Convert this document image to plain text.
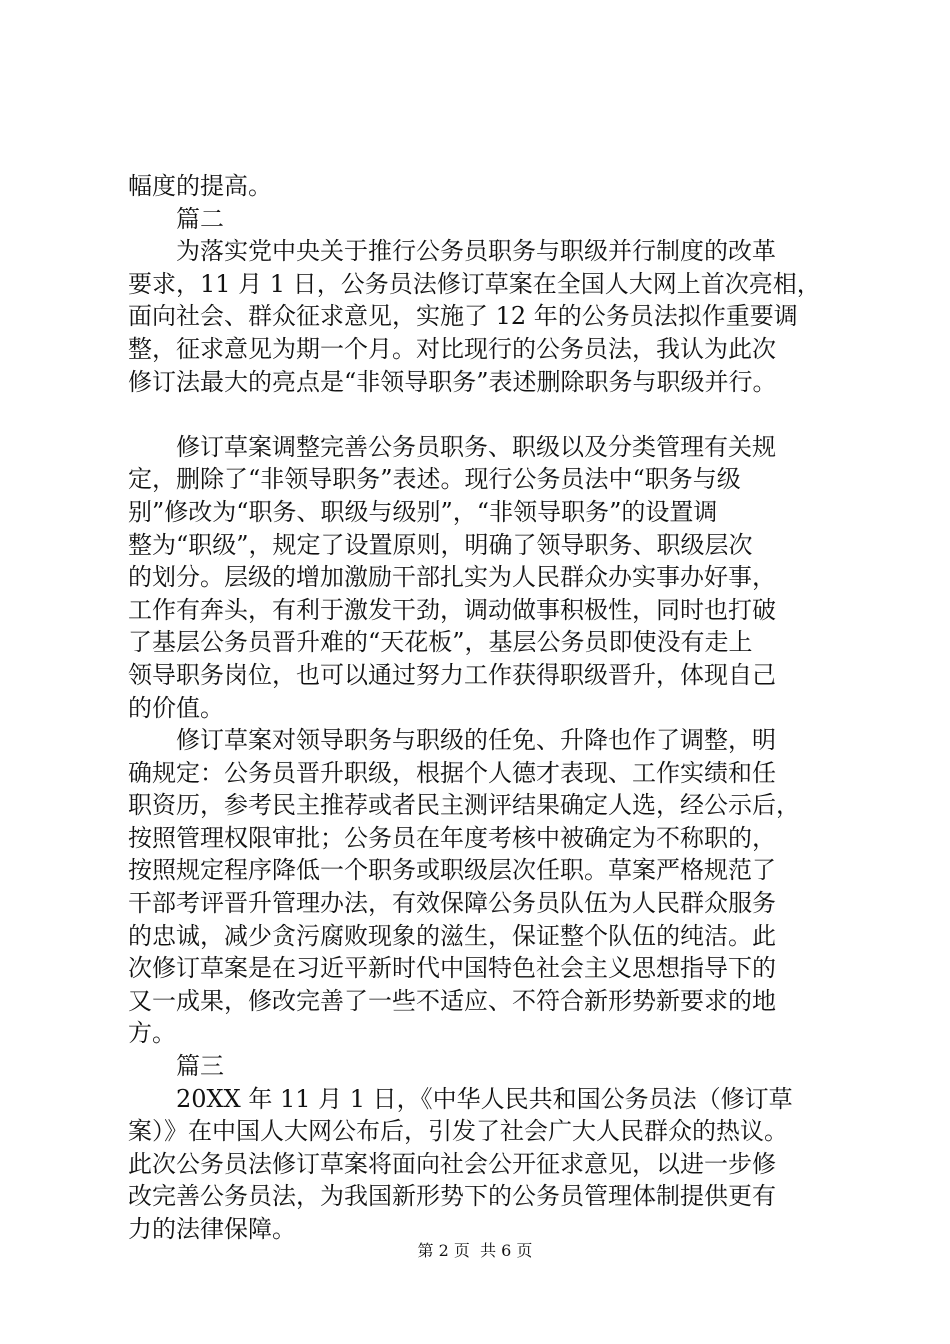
幅度的提高。
　　篇二
　　为落实党中央关于推行公务员职务与职级并行制度的改革
要求，11 月 1 日，公务员法修订草案在全国人大网上首次亮相，
面向社会、群众征求意见，实施了 12 年的公务员法拟作重要调
整，征求意见为期一个月。对比现行的公务员法，我认为此次
修订法最大的亮点是“非领导职务”表述删除职务与职级并行。
　　修订草案调整完善公务员职务、职级以及分类管理有关规
定，删除了“非领导职务”表述。现行公务员法中“职务与级
别”修改为“职务、职级与级别”，“非领导职务”的设置调
整为“职级”，规定了设置原则，明确了领导职务、职级层次
的划分。层级的增加激励干部扎实为人民群众办实事办好事，
工作有奔头，有利于激发干劲，调动做事积极性，同时也打破
了基层公务员晋升难的“天花板”，基层公务员即使没有走上
领导职务岗位，也可以通过努力工作获得职级晋升，体现自己
的价值。
　　修订草案对领导职务与职级的任免、升降也作了调整，明
确规定：公务员晋升职级，根据个人德才表现、工作实绩和任
职资历，参考民主推荐或者民主测评结果确定人选，经公示后，
按照管理权限审批；公务员在年度考核中被确定为不称职的，
按照规定程序降低一个职务或职级层次任职。草案严格规范了
干部考评晋升管理办法，有效保障公务员队伍为人民群众服务
的忠诚，减少贪污腐败现象的滋生，保证整个队伍的纯洁。此
次修订草案是在习近平新时代中国特色社会主义思想指导下的
又一成果，修改完善了一些不适应、不符合新形势新要求的地
方。
　　篇三
　　20XX 年 11 月 1 日，《中华人民共和国公务员法（修订草
案）》在中国人大网公布后，引发了社会广大人民群众的热议。
此次公务员法修订草案将面向社会公开征求意见，以进一步修
改完善公务员法，为我国新形势下的公务员管理体制提供更有
力的法律保障。
第 2 页  共 6 页
